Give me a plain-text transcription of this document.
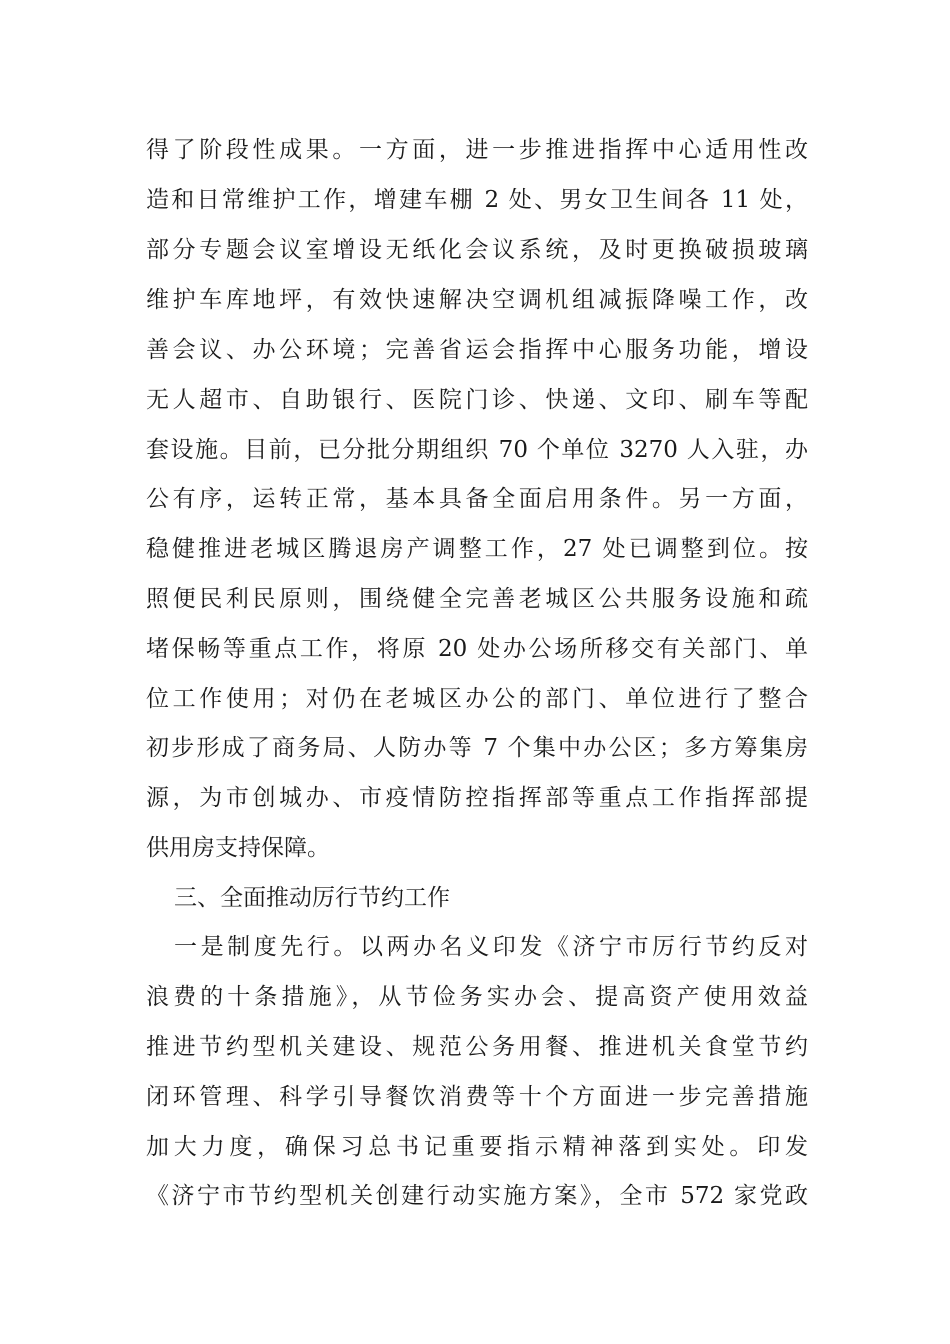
得了阶段性成果。一方面，进一步推进指挥中心适用性改
造和日常维护工作，增建车棚 2 处、男女卫生间各 11 处，
部分专题会议室增设无纸化会议系统，及时更换破损玻璃
维护车库地坪，有效快速解决空调机组减振降噪工作，改
善会议、办公环境；完善省运会指挥中心服务功能，增设
无人超市、自助银行、医院门诊、快递、文印、刷车等配
套设施。目前，已分批分期组织 70 个单位 3270 人入驻，办
公有序，运转正常，基本具备全面启用条件。另一方面，
稳健推进老城区腾退房产调整工作，27 处已调整到位。按
照便民利民原则，围绕健全完善老城区公共服务设施和疏
堵保畅等重点工作，将原 20 处办公场所移交有关部门、单
位工作使用；对仍在老城区办公的部门、单位进行了整合
初步形成了商务局、人防办等 7 个集中办公区；多方筹集房
源，为市创城办、市疫情防控指挥部等重点工作指挥部提
供用房支持保障。
三、全面推动厉行节约工作
一是制度先行。以两办名义印发《济宁市厉行节约反对
浪费的十条措施》，从节俭务实办会、提高资产使用效益
推进节约型机关建设、规范公务用餐、推进机关食堂节约
闭环管理、科学引导餐饮消费等十个方面进一步完善措施
加大力度，确保习总书记重要指示精神落到实处。印发
《济宁市节约型机关创建行动实施方案》，全市 572 家党政
